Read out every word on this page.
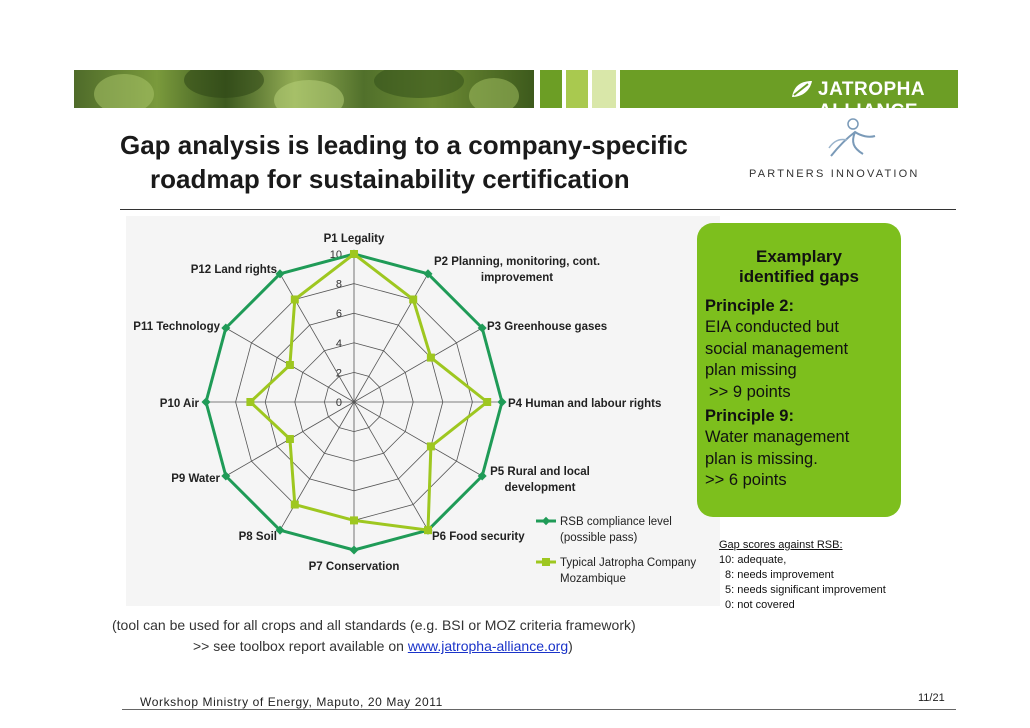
JATROPHA ALLIANCE
Gap analysis is leading to a company-specific
roadmap for sustainability certification	PARTNERS INNOVATION
0
2
4
6
8
10
P1 Legality
P2 Planning, monitoring, cont. improvement
P3 Greenhouse gases
P4 Human and labour rights
P5 Rural and local development
P6 Food security
P7 Conservation
P8 Soil
P9 Water
P10 Air
P11 Technology
P12 Land rights
RSB compliance level (possible pass)
Typical Jatropha Company Mozambique
Examplary
identified gaps
Principle 2:
EIA conducted but
social management
plan missing
>> 9 points
Principle 9:
Water management
plan is missing.
>> 6 points
Gap scores against RSB:
10: adequate,
8: needs improvement
5: needs significant improvement
0: not covered
(tool can be used for all crops and all standards (e.g. BSI or MOZ criteria framework)
>> see toolbox report available on www.jatropha-alliance.org)
Workshop Ministry of Energy, Maputo, 20 May 2011	11/21
